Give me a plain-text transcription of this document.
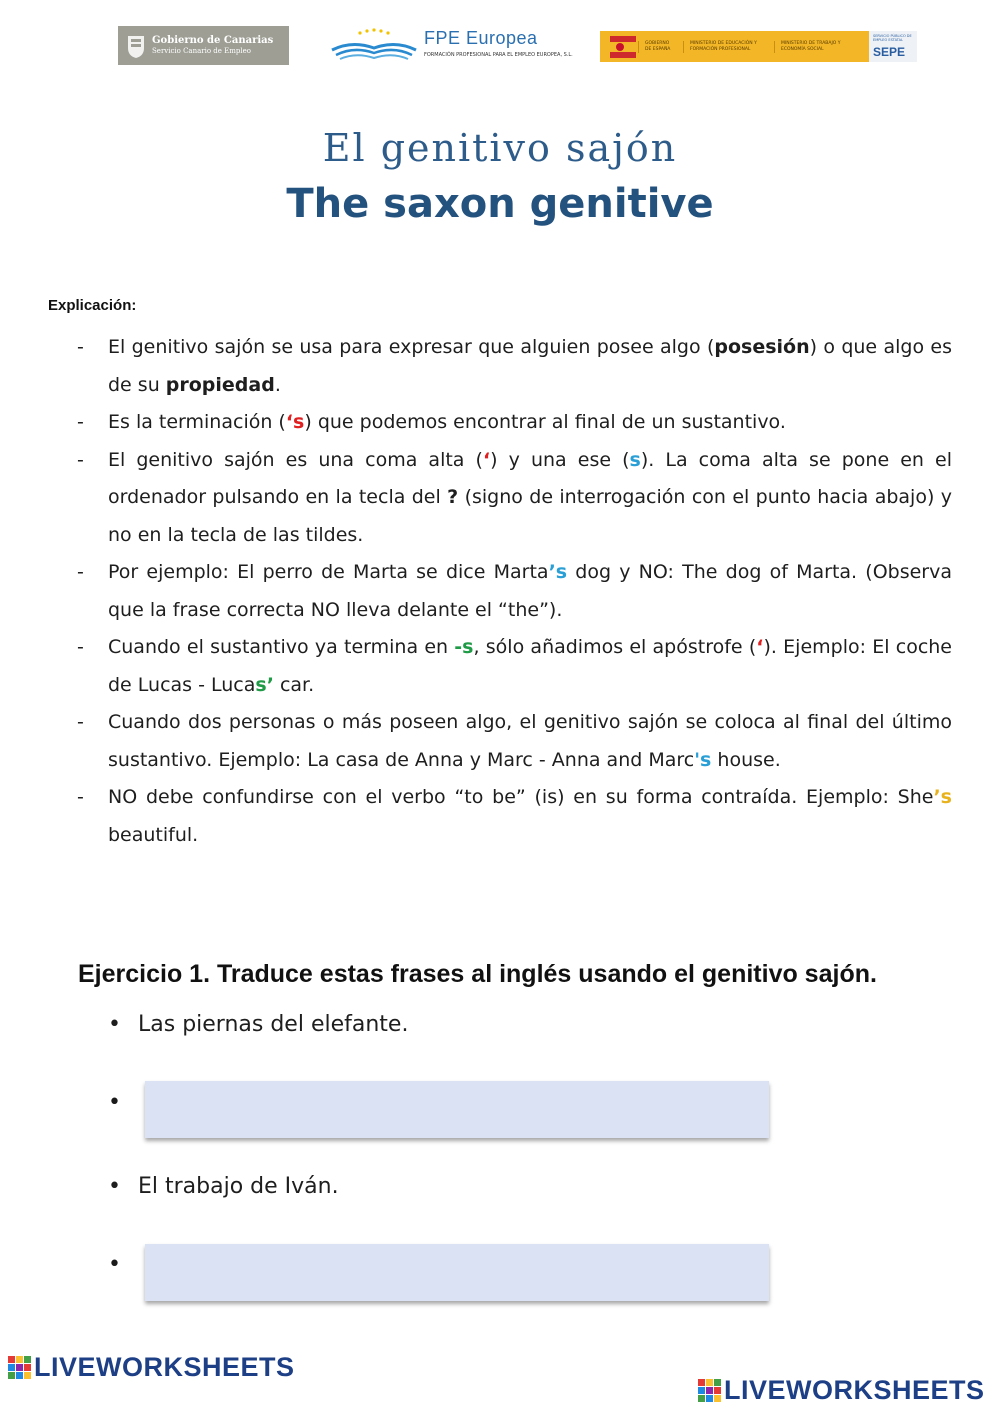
Gobierno de Canarias
Servicio Canario de Empleo
FPE Europea
FORMACIÓN PROFESIONAL PARA EL EMPLEO EUROPEA, S.L.
GOBIERNO DE ESPAÑA
MINISTERIO DE EDUCACIÓN Y FORMACIÓN PROFESIONAL
MINISTERIO DE TRABAJO Y ECONOMÍA SOCIAL
SERVICIO PÚBLICO DE EMPLEO ESTATAL
SEPE
El genitivo sajón
The saxon genitive
Explicación:
- El genitivo sajón se usa para expresar que alguien posee algo (posesión) o que algo es de su propiedad.
- Es la terminación (‘s) que podemos encontrar al final de un sustantivo.
- El genitivo sajón es una coma alta (‘) y una ese (s). La coma alta se pone en el ordenador pulsando en la tecla del ? (signo de interrogación con el punto hacia abajo) y no en la tecla de las tildes.
- Por ejemplo: El perro de Marta se dice Marta’s dog y NO: The dog of Marta. (Observa que la frase correcta NO lleva delante el “the”).
- Cuando el sustantivo ya termina en -s, sólo añadimos el apóstrofe (‘). Ejemplo: El coche de Lucas - Lucas’ car.
- Cuando dos personas o más poseen algo, el genitivo sajón se coloca al final del último sustantivo. Ejemplo: La casa de Anna y Marc - Anna and Marc's house.
- NO debe confundirse con el verbo “to be” (is) en su forma contraída. Ejemplo: She’s beautiful.
Ejercicio 1. Traduce estas frases al inglés usando el genitivo sajón.
• Las piernas del elefante.
•
• El trabajo de Iván.
•
LIVEWORKSHEETS
LIVEWORKSHEETS
